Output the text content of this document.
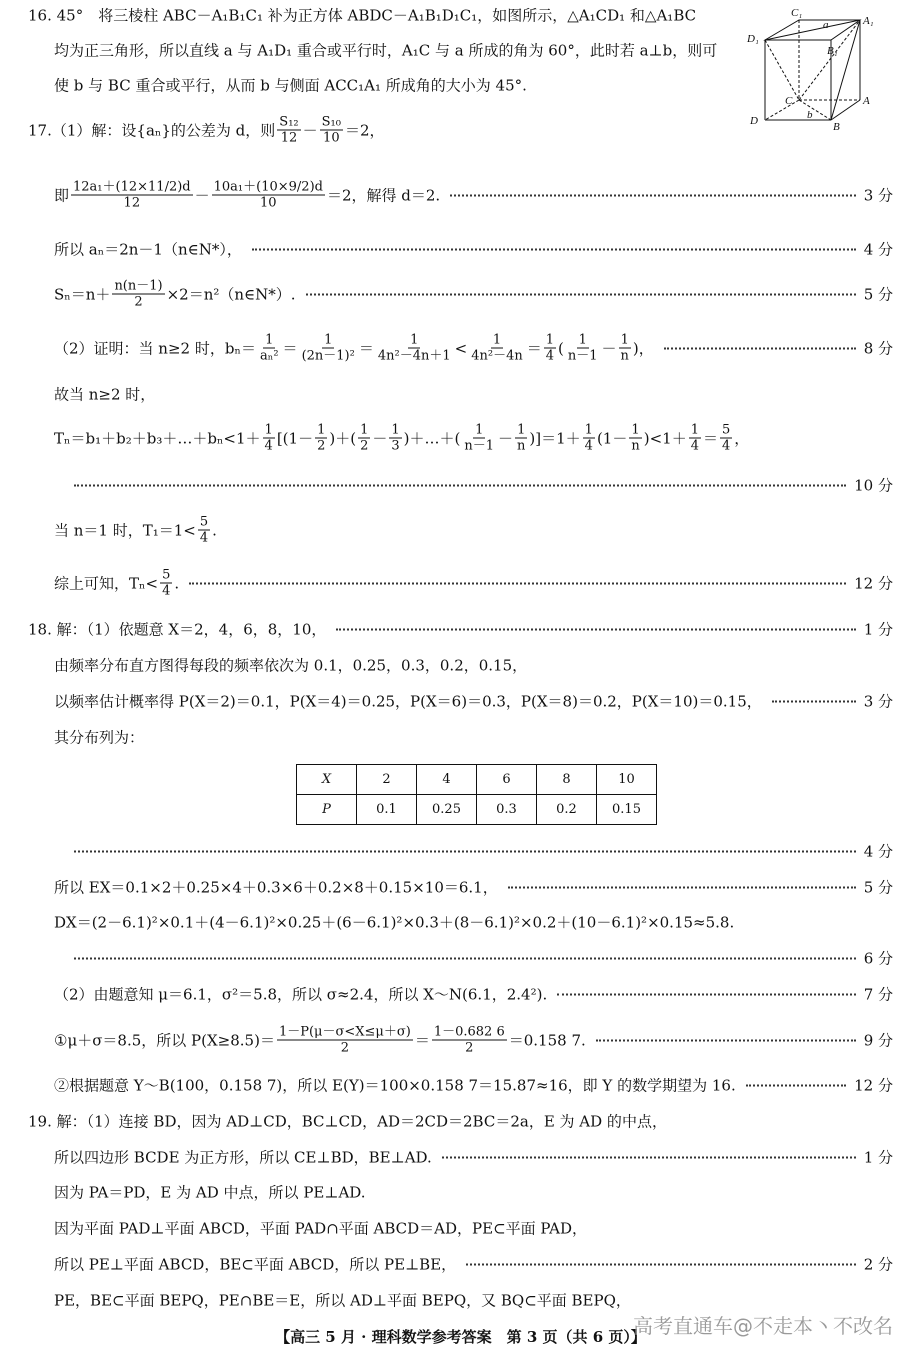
16. 45°　将三棱柱 ABC－A₁B₁C₁ 补为正方体 ABDC－A₁B₁D₁C₁，如图所示，△A₁CD₁ 和△A₁BC
均为正三角形，所以直线 a 与 A₁D₁ 重合或平行时，A₁C 与 a 所成的角为 60°，此时若 a⊥b，则可
使 b 与 BC 重合或平行，从而 b 与侧面 ACC₁A₁ 所成角的大小为 45°.
17.（1）解：设{aₙ}的公差为 d，则 $\frac{\text{S₁₂}}{12} - \frac{\text{S₁₀}}{10} =2$，
即 $\frac{\text{12a₁＋(12×11/2)d}}{12} - \frac{\text{10a₁＋(10×9/2)d}}{10} =2$，解得 d＝2.	3 分
所以 aₙ＝2n－1（n∈N*），	4 分
$S_n=n+ \frac{n(n-1)}{2}$ ×2＝n²（n∈N*）.	5 分
（2）证明：当 n≥2 时，$b_n= \frac{1}{\text{aₙ²}} = \frac{1}{\text{(2n－1)²}} = \frac{1}{\text{4n²－4n＋1}} < \frac{1}{\text{4n²－4n}} = \frac{1}{4}$ ( $\frac{1}{n-1} - \frac{1}{n}$ )，	8 分
故当 n≥2 时，
Tₙ＝b₁＋b₂＋b₃＋…＋bₙ<1＋ $\frac{1}{4} [(1- \frac{1}{2}$ )＋( $\frac{1}{2} - \frac{1}{3}$ )＋…＋( $\frac{1}{n-1} - \frac{1}{n} )]=1+ \frac{1}{4} (1- \frac{1}{n} )<1+ \frac{1}{4} = \frac{5}{4}$ ，
10 分
当 n＝1 时，$T_1=1< \frac{5}{4}$ .
综上可知，$T_n< \frac{5}{4}$ .	12 分
18. 解：（1）依题意 X＝2，4，6，8，10，	1 分
由频率分布直方图得每段的频率依次为 0.1，0.25，0.3，0.2，0.15，
以频率估计概率得 P(X＝2)＝0.1，P(X＝4)＝0.25，P(X＝6)＝0.3，P(X＝8)＝0.2，P(X＝10)＝0.15，	3 分
其分布列为：
4 分
所以 EX＝0.1×2＋0.25×4＋0.3×6＋0.2×8＋0.15×10＝6.1，	5 分
DX＝(2－6.1)²×0.1＋(4－6.1)²×0.25＋(6－6.1)²×0.3＋(8－6.1)²×0.2＋(10－6.1)²×0.15≈5.8.
6 分
（2）由题意知 μ＝6.1，σ²＝5.8，所以 σ≈2.4，所以 X～N(6.1，2.4²).	7 分
①μ＋σ＝8.5，所以 $P(X\ge 8.5)= \frac{1-P(\mu-\sigma<X\le\mu+\sigma)}{2} = \frac{1-0.682 6}{2} =0.158$ 7.	9 分
②根据题意 Y～B(100，0.158 7)，所以 E(Y)＝100×0.158 7＝15.87≈16，即 Y 的数学期望为 16.	12 分
19. 解：（1）连接 BD，因为 AD⊥CD，BC⊥CD，AD＝2CD＝2BC＝2a，E 为 AD 的中点，
所以四边形 BCDE 为正方形，所以 CE⊥BD，BE⊥AD.	1 分
因为 PA＝PD，E 为 AD 中点，所以 PE⊥AD.
因为平面 PAD⊥平面 ABCD，平面 PAD∩平面 ABCD＝AD，PE⊂平面 PAD，
所以 PE⊥平面 ABCD，BE⊂平面 ABCD，所以 PE⊥BE，	2 分
PE，BE⊂平面 BEPQ，PE∩BE＝E，所以 AD⊥平面 BEPQ，又 BQ⊂平面 BEPQ，
C₁
A₁
D₁
B₁
C	A
D	B
a
b
X	2	4	6	8	10
P	0.1	0.25	0.3	0.2	0.15
【高三 5 月 · 理科数学参考答案　第 3 页（共 6 页）】
高考直通车@不走本丶不改名
